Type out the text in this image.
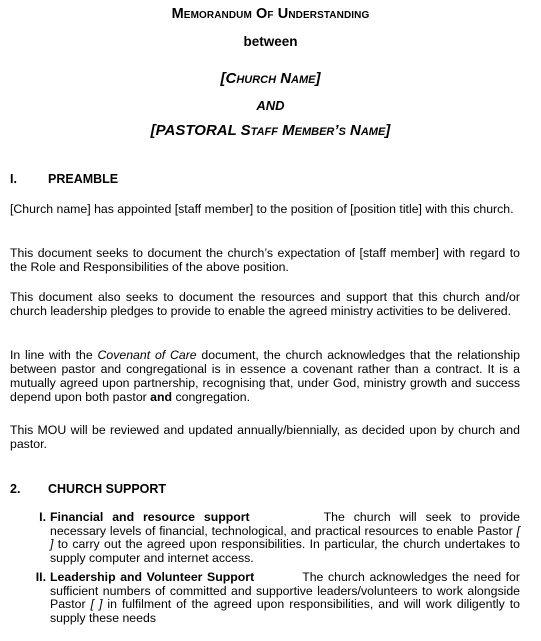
Memorandum Of Understanding
between
[Church Name]
AND
[PASTORAL Staff Member’s Name]
I. PREAMBLE

[Church name] has appointed [staff member] to the position of [position title] with this church.

This document seeks to document the church’s expectation of [staff member] with regard to the Role and Responsibilities of the above position.

This document also seeks to document the resources and support that this church and/or church leadership pledges to provide to enable the agreed ministry activities to be delivered.

In line with the Covenant of Care document, the church acknowledges that the relationship between pastor and congregational is in essence a covenant rather than a contract. It is a mutually agreed upon partnership, recognising that, under God, ministry growth and success depend upon both pastor and congregation.

This MOU will be reviewed and updated annually/biennially, as decided upon by church and pastor.

2. CHURCH SUPPORT
I. Financial and resource support	The church will seek to provide necessary levels of financial, technological, and practical resources to enable Pastor [ ] to carry out the agreed upon responsibilities. In particular, the church undertakes to supply computer and internet access.
II. Leadership and Volunteer Support	The church acknowledges the need for sufficient numbers of committed and supportive leaders/volunteers to work alongside Pastor [ ] in fulfilment of the agreed upon responsibilities, and will work diligently to supply these needs
